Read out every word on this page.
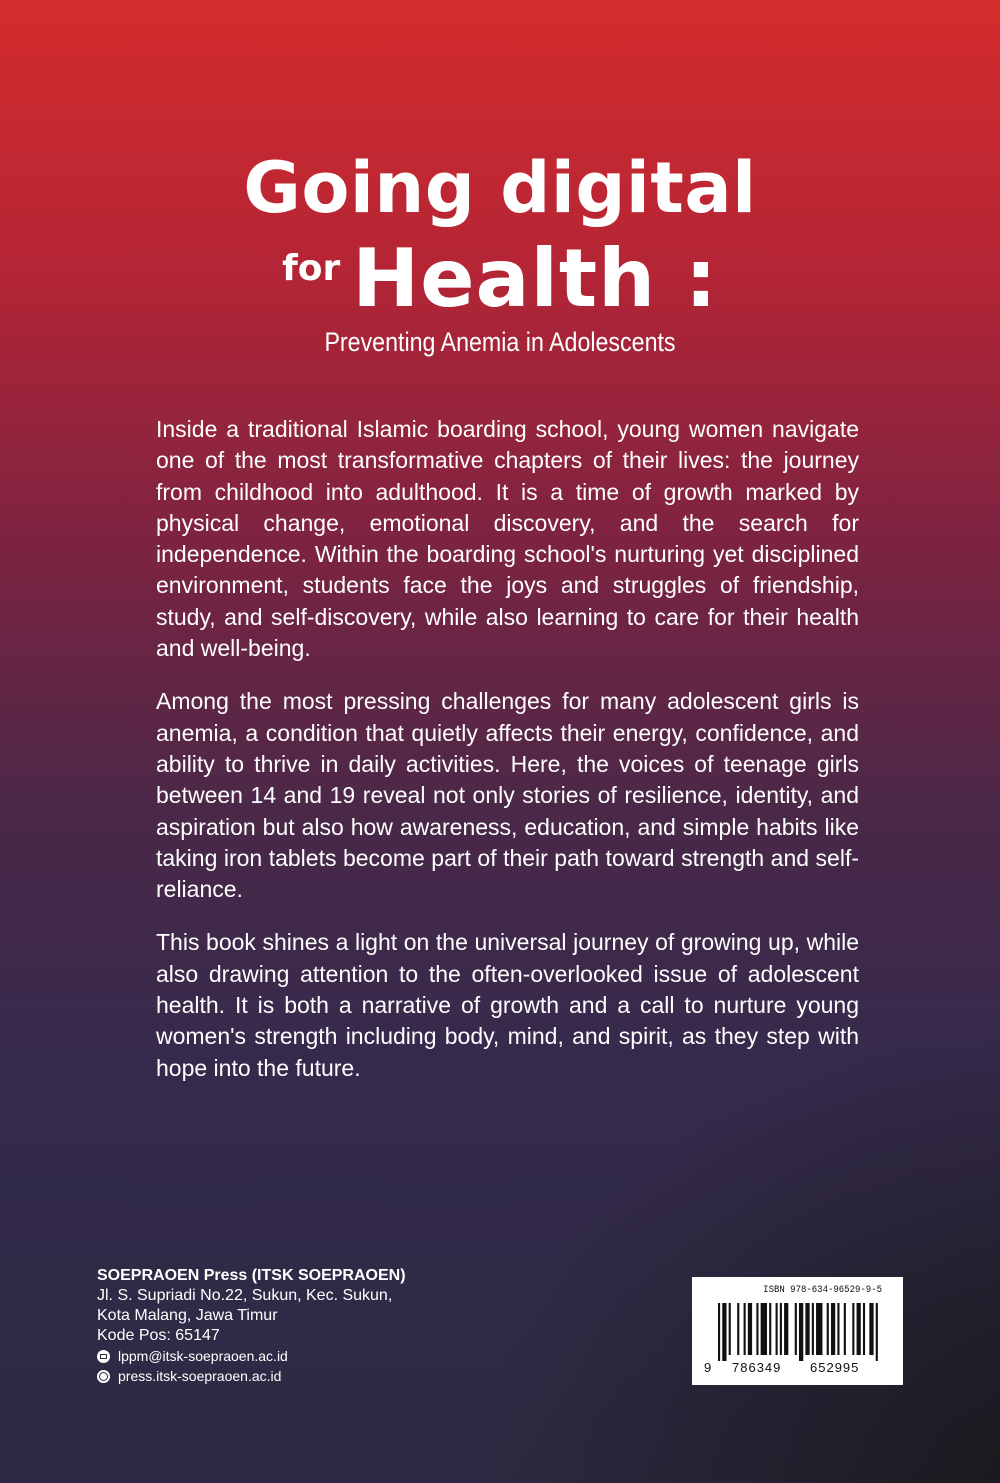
Going digital
for Health :
Preventing Anemia in Adolescents

Inside a traditional Islamic boarding school, young women navigate one of the most transformative chapters of their lives: the journey from childhood into adulthood. It is a time of growth marked by physical change, emotional discovery, and the search for independence. Within the boarding school's nurturing yet disciplined environment, students face the joys and struggles of friendship, study, and self-discovery, while also learning to care for their health and well-being.

Among the most pressing challenges for many adolescent girls is anemia, a condition that quietly affects their energy, confidence, and ability to thrive in daily activities. Here, the voices of teenage girls between 14 and 19 reveal not only stories of resilience, identity, and aspiration but also how awareness, education, and simple habits like taking iron tablets become part of their path toward strength and self-reliance.

This book shines a light on the universal journey of growing up, while also drawing attention to the often-overlooked issue of adolescent health. It is both a narrative of growth and a call to nurture young women's strength including body, mind, and spirit, as they step with hope into the future.

SOEPRAOEN Press (ITSK SOEPRAOEN)
Jl. S. Supriadi No.22, Sukun, Kec. Sukun,
Kota Malang, Jawa Timur
Kode Pos: 65147
lppm@itsk-soepraoen.ac.id
press.itsk-soepraoen.ac.id
ISBN 978-634-96529-9-5
9 786349 652995
